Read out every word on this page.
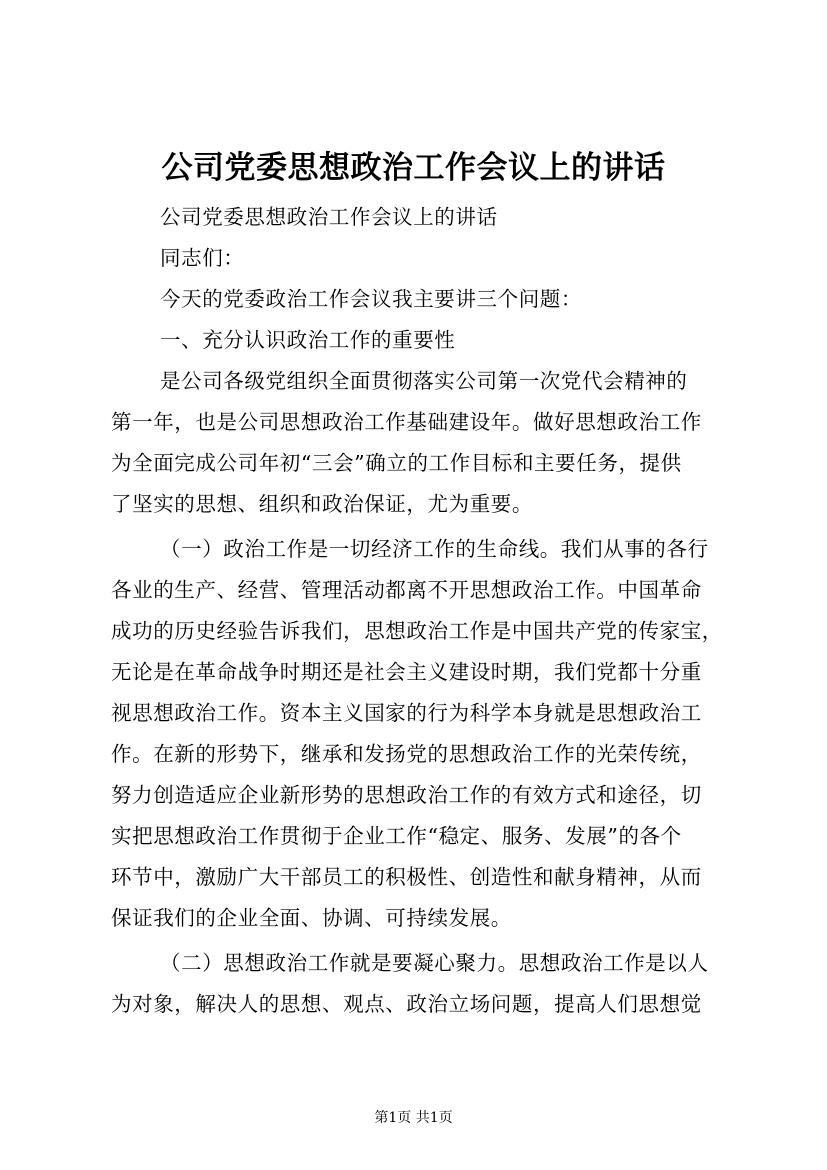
公司党委思想政治工作会议上的讲话
公司党委思想政治工作会议上的讲话
同志们：
今天的党委政治工作会议我主要讲三个问题：
一、充分认识政治工作的重要性
是公司各级党组织全面贯彻落实公司第一次党代会精神的
第一年，也是公司思想政治工作基础建设年。做好思想政治工作
为全面完成公司年初“三会”确立的工作目标和主要任务，提供
了坚实的思想、组织和政治保证，尤为重要。
（一）政治工作是一切经济工作的生命线。我们从事的各行
各业的生产、经营、管理活动都离不开思想政治工作。中国革命
成功的历史经验告诉我们，思想政治工作是中国共产党的传家宝，
无论是在革命战争时期还是社会主义建设时期，我们党都十分重
视思想政治工作。资本主义国家的行为科学本身就是思想政治工
作。在新的形势下，继承和发扬党的思想政治工作的光荣传统，
努力创造适应企业新形势的思想政治工作的有效方式和途径，切
实把思想政治工作贯彻于企业工作“稳定、服务、发展”的各个
环节中，激励广大干部员工的积极性、创造性和献身精神，从而
保证我们的企业全面、协调、可持续发展。
（二）思想政治工作就是要凝心聚力。思想政治工作是以人
为对象，解决人的思想、观点、政治立场问题，提高人们思想觉
第1页 共1页
